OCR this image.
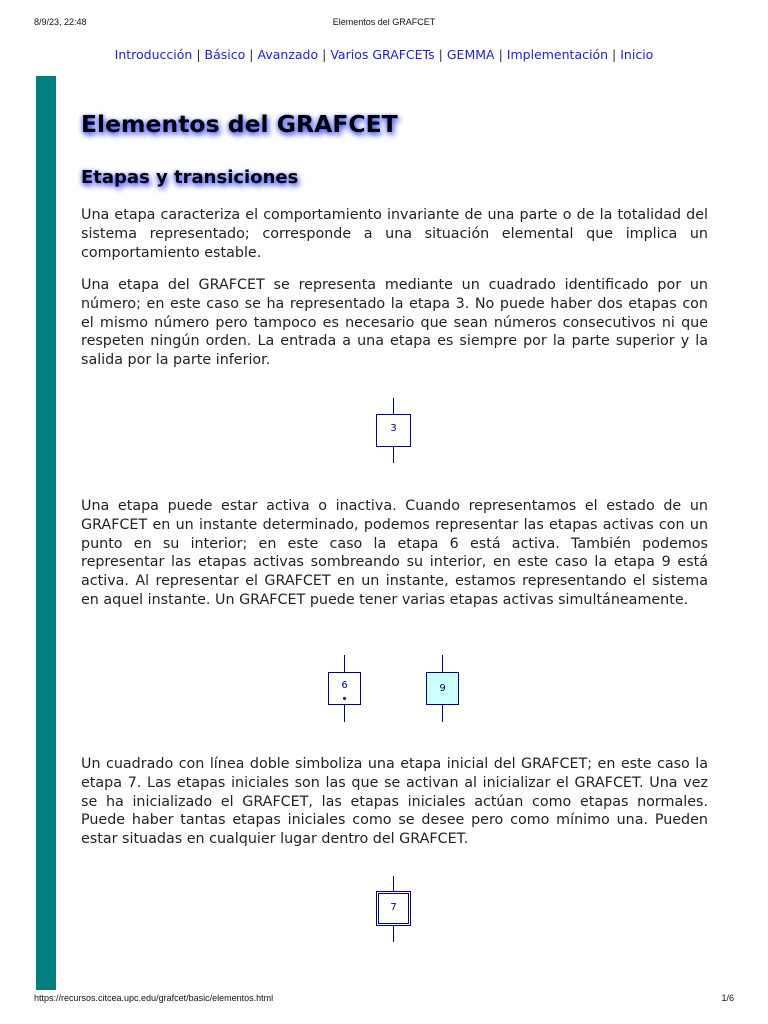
8/9/23, 22:48	Elementos del GRAFCET
Introducción | Básico | Avanzado | Varios GRAFCETs | GEMMA | Implementación | Inicio
Elementos del GRAFCET
Etapas y transiciones

Una etapa caracteriza el comportamiento invariante de una parte o de la totalidad del sistema representado; corresponde a una situación elemental que implica un comportamiento estable.

Una etapa del GRAFCET se representa mediante un cuadrado identificado por un número; en este caso se ha representado la etapa 3. No puede haber dos etapas con el mismo número pero tampoco es necesario que sean números consecutivos ni que respeten ningún orden. La entrada a una etapa es siempre por la parte superior y la salida por la parte inferior.

3

Una etapa puede estar activa o inactiva. Cuando representamos el estado de un GRAFCET en un instante determinado, podemos representar las etapas activas con un punto en su interior; en este caso la etapa 6 está activa. También podemos representar las etapas activas sombreando su interior, en este caso la etapa 9 está activa. Al representar el GRAFCET en un instante, estamos representando el sistema en aquel instante. Un GRAFCET puede tener varias etapas activas simultáneamente.

6	9

Un cuadrado con línea doble simboliza una etapa inicial del GRAFCET; en este caso la etapa 7. Las etapas iniciales son las que se activan al inicializar el GRAFCET. Una vez se ha inicializado el GRAFCET, las etapas iniciales actúan como etapas normales. Puede haber tantas etapas iniciales como se desee pero como mínimo una. Pueden estar situadas en cualquier lugar dentro del GRAFCET.

7
https://recursos.citcea.upc.edu/grafcet/basic/elementos.html	1/6
